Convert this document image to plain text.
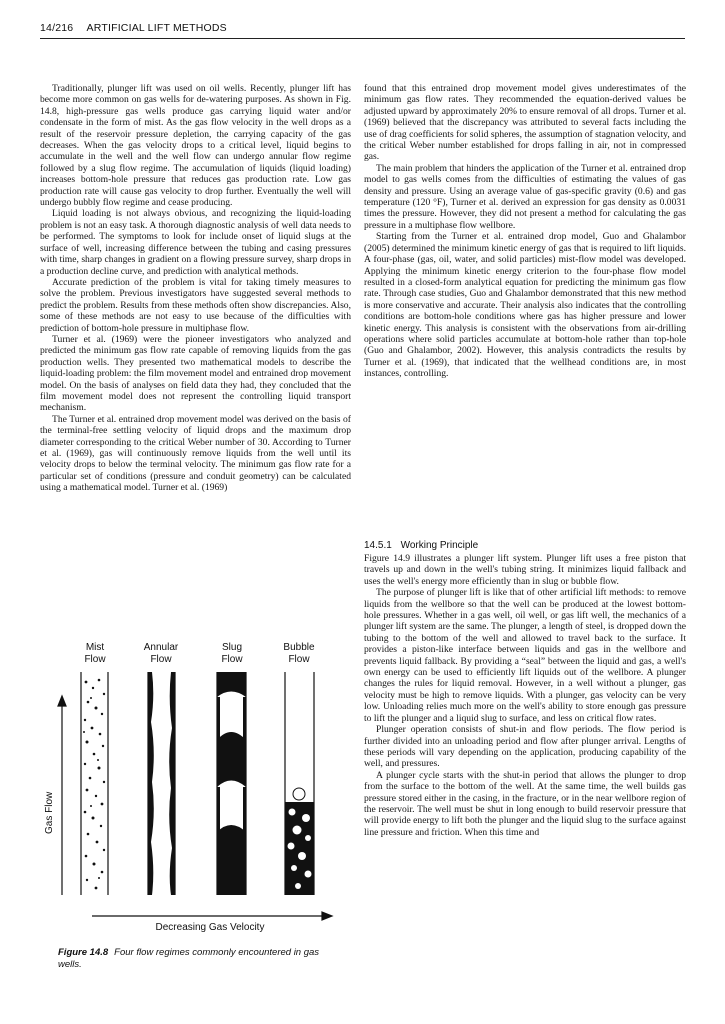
14/216 ARTIFICIAL LIFT METHODS

Traditionally, plunger lift was used on oil wells. Recently, plunger lift has become more common on gas wells for de-watering purposes. As shown in Fig. 14.8, high-pressure gas wells produce gas carrying liquid water and/or condensate in the form of mist. As the gas flow velocity in the well drops as a result of the reservoir pressure depletion, the carrying capacity of the gas decreases. When the gas velocity drops to a critical level, liquid begins to accumulate in the well and the well flow can undergo annular flow regime followed by a slug flow regime. The accumulation of liquids (liquid loading) increases bottom-hole pressure that reduces gas production rate. Low gas production rate will cause gas velocity to drop further. Eventually the well will undergo bubbly flow regime and cease producing.

Liquid loading is not always obvious, and recognizing the liquid-loading problem is not an easy task. A thorough diagnostic analysis of well data needs to be performed. The symptoms to look for include onset of liquid slugs at the surface of well, increasing difference between the tubing and casing pressures with time, sharp changes in gradient on a flowing pressure survey, sharp drops in a production decline curve, and prediction with analytical methods.

Accurate prediction of the problem is vital for taking timely measures to solve the problem. Previous investigators have suggested several methods to predict the problem. Results from these methods often show discrepancies. Also, some of these methods are not easy to use because of the difficulties with prediction of bottom-hole pressure in multiphase flow.

Turner et al. (1969) were the pioneer investigators who analyzed and predicted the minimum gas flow rate capable of removing liquids from the gas production wells. They presented two mathematical models to describe the liquid-loading problem: the film movement model and entrained drop movement model. On the basis of analyses on field data they had, they concluded that the film movement model does not represent the controlling liquid transport mechanism.

The Turner et al. entrained drop movement model was derived on the basis of the terminal-free settling velocity of liquid drops and the maximum drop diameter corresponding to the critical Weber number of 30. According to Turner et al. (1969), gas will continuously remove liquids from the well until its velocity drops to below the terminal velocity. The minimum gas flow rate for a particular set of conditions (pressure and conduit geometry) can be calculated using a mathematical model. Turner et al. (1969)

found that this entrained drop movement model gives underestimates of the minimum gas flow rates. They recommended the equation-derived values be adjusted upward by approximately 20% to ensure removal of all drops. Turner et al. (1969) believed that the discrepancy was attributed to several facts including the use of drag coefficients for solid spheres, the assumption of stagnation velocity, and the critical Weber number established for drops falling in air, not in compressed gas.

The main problem that hinders the application of the Turner et al. entrained drop model to gas wells comes from the difficulties of estimating the values of gas density and pressure. Using an average value of gas-specific gravity (0.6) and gas temperature (120 °F), Turner et al. derived an expression for gas density as 0.0031 times the pressure. However, they did not present a method for calculating the gas pressure in a multiphase flow wellbore.

Starting from the Turner et al. entrained drop model, Guo and Ghalambor (2005) determined the minimum kinetic energy of gas that is required to lift liquids. A four-phase (gas, oil, water, and solid particles) mist-flow model was developed. Applying the minimum kinetic energy criterion to the four-phase flow model resulted in a closed-form analytical equation for predicting the minimum gas flow rate. Through case studies, Guo and Ghalambor demonstrated that this new method is more conservative and accurate. Their analysis also indicates that the controlling conditions are bottom-hole conditions where gas has higher pressure and lower kinetic energy. This analysis is consistent with the observations from air-drilling operations where solid particles accumulate at bottom-hole rather than top-hole (Guo and Ghalambor, 2002). However, this analysis contradicts the results by Turner et al. (1969), that indicated that the wellhead conditions are, in most instances, controlling.

14.5.1 Working Principle

Figure 14.9 illustrates a plunger lift system. Plunger lift uses a free piston that travels up and down in the well's tubing string. It minimizes liquid fallback and uses the well's energy more efficiently than in slug or bubble flow.

The purpose of plunger lift is like that of other artificial lift methods: to remove liquids from the wellbore so that the well can be produced at the lowest bottom-hole pressures. Whether in a gas well, oil well, or gas lift well, the mechanics of a plunger lift system are the same. The plunger, a length of steel, is dropped down the tubing to the bottom of the well and allowed to travel back to the surface. It provides a piston-like interface between liquids and gas in the wellbore and prevents liquid fallback. By providing a “seal” between the liquid and gas, a well's own energy can be used to efficiently lift liquids out of the wellbore. A plunger changes the rules for liquid removal. However, in a well without a plunger, gas velocity must be high to remove liquids. With a plunger, gas velocity can be very low. Unloading relies much more on the well's ability to store enough gas pressure to lift the plunger and a liquid slug to surface, and less on critical flow rates.

Plunger operation consists of shut-in and flow periods. The flow period is further divided into an unloading period and flow after plunger arrival. Lengths of these periods will vary depending on the application, producing capability of the well, and pressures.

A plunger cycle starts with the shut-in period that allows the plunger to drop from the surface to the bottom of the well. At the same time, the well builds gas pressure stored either in the casing, in the fracture, or in the near wellbore region of the reservoir. The well must be shut in long enough to build reservoir pressure that will provide energy to lift both the plunger and the liquid slug to the surface against line pressure and friction. When this time and

Mist
Flow
Annular
Flow
Slug
Flow
Bubble
Flow
Gas Flow
Decreasing Gas Velocity
Figure 14.8 Four flow regimes commonly encountered in gas wells.
